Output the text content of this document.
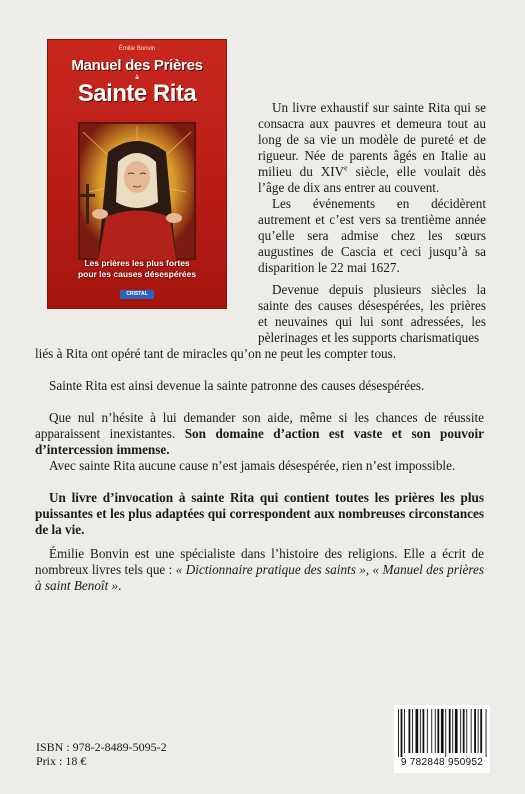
Émilie Bonvin
Manuel des Prières
à
Sainte Rita
Les prières les plus fortes
pour les causes désespérées
CRISTAL

Un livre exhaustif sur sainte Rita qui se consacra aux pauvres et demeura tout au long de sa vie un modèle de pureté et de rigueur. Née de parents âgés en Italie au milieu du XIVe siècle, elle voulait dès l’âge de dix ans entrer au couvent.

Les événements en décidèrent autrement et c’est vers sa trentième année qu’elle sera admise chez les sœurs augustines de Cascia et ceci jusqu’à sa disparition le 22 mai 1627.

Devenue depuis plusieurs siècles la sainte des causes désespérées, les prières et neuvaines qui lui sont adressées, les pèlerinages et les supports charismatiques

liés à Rita ont opéré tant de miracles qu’on ne peut les compter tous.

Sainte Rita est ainsi devenue la sainte patronne des causes désespérées.

Que nul n’hésite à lui demander son aide, même si les chances de réussite apparaissent inexistantes. Son domaine d’action est vaste et son pouvoir d’intercession immense.

Avec sainte Rita aucune cause n’est jamais désespérée, rien n’est impossible.

Un livre d’invocation à sainte Rita qui contient toutes les prières les plus puissantes et les plus adaptées qui correspondent aux nombreuses circonstances de la vie.

Émilie Bonvin est une spécialiste dans l’histoire des religions. Elle a écrit de nombreux livres tels que : « Dictionnaire pratique des saints », « Manuel des prières à saint Benoît ».

ISBN : 978-2-8489-5095-2
Prix : 18 €	9 782848 950952
